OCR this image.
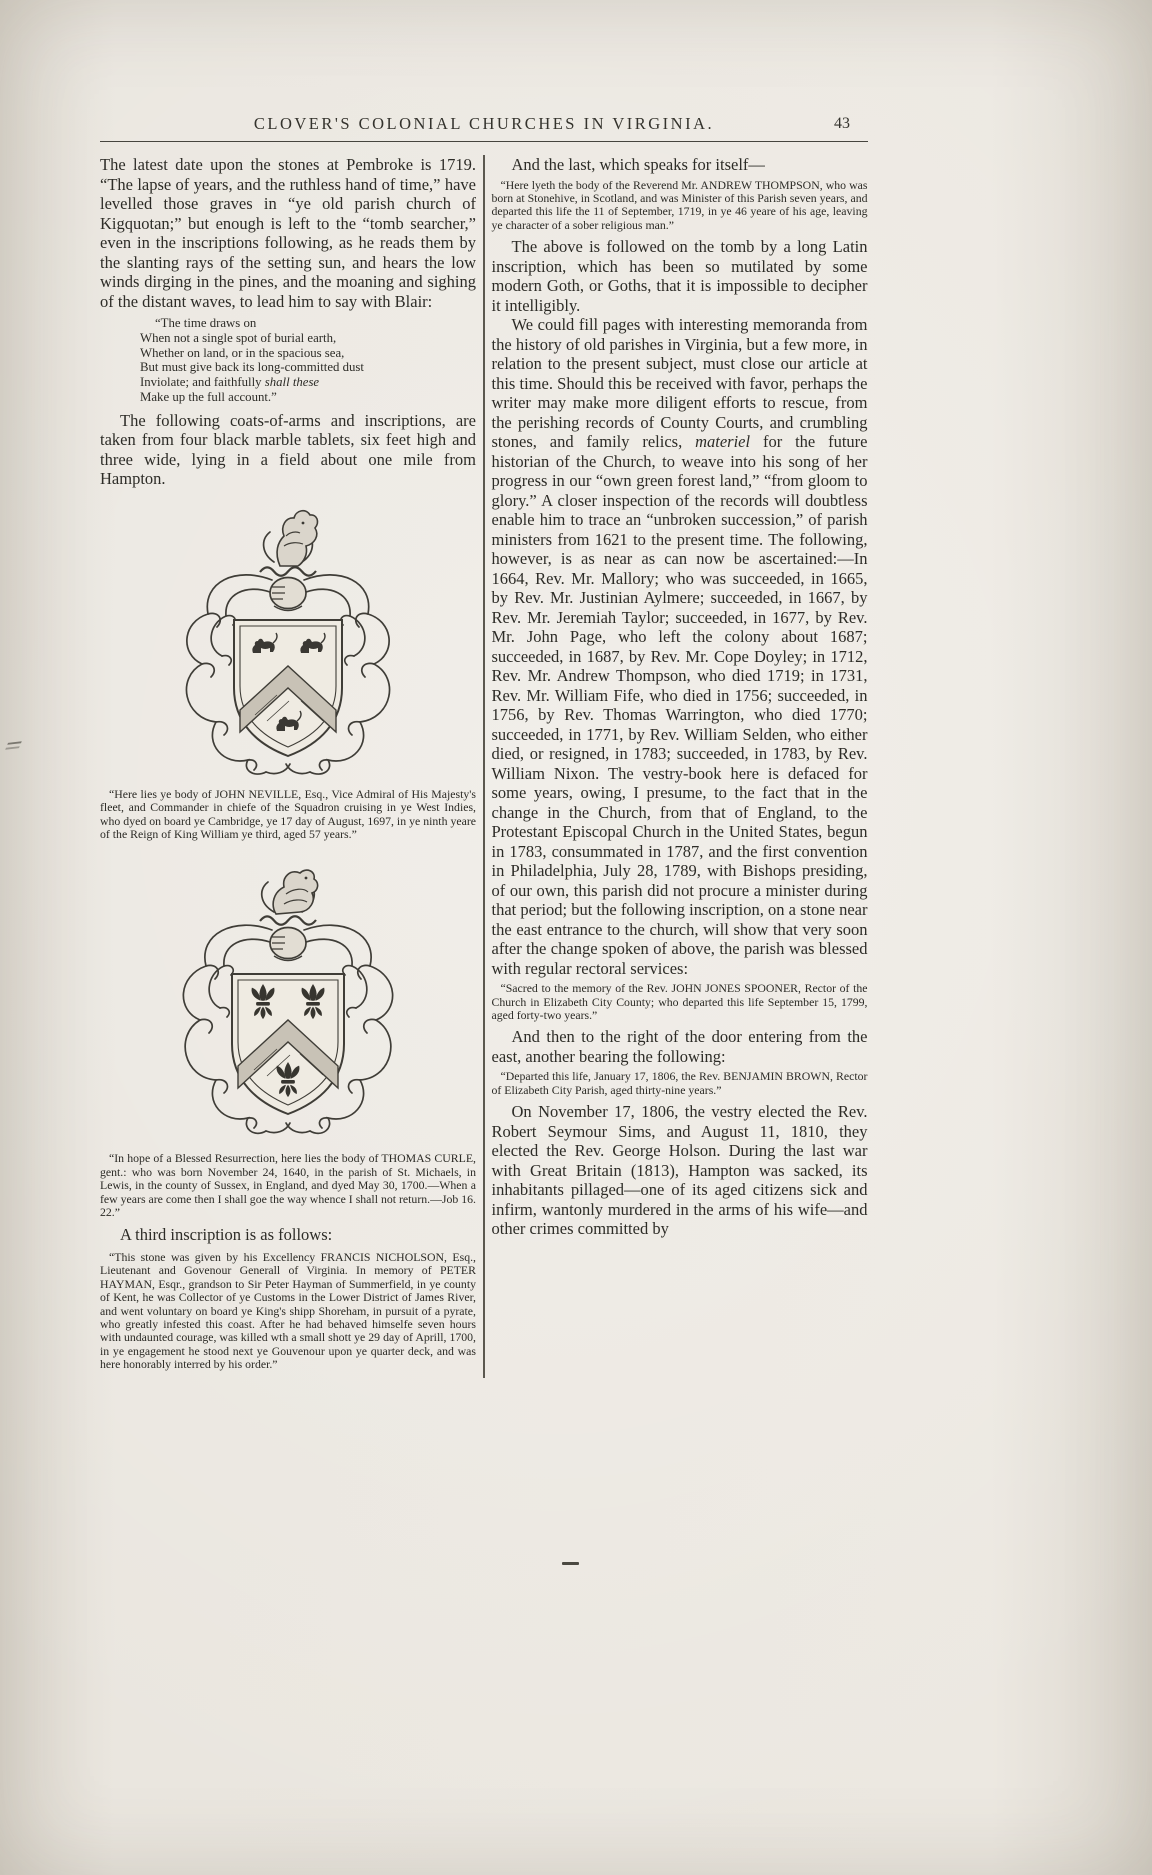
CLOVER'S COLONIAL CHURCHES IN VIRGINIA.	43

The latest date upon the stones at Pembroke is 1719. “The lapse of years, and the ruthless hand of time,” have levelled those graves in “ye old parish church of Kigquotan;” but enough is left to the “tomb searcher,” even in the inscriptions following, as he reads them by the slanting rays of the setting sun, and hears the low winds dirging in the pines, and the moaning and sighing of the distant waves, to lead him to say with Blair:

“The time draws on
When not a single spot of burial earth,
Whether on land, or in the spacious sea,
But must give back its long-committed dust
Inviolate; and faithfully shall these
Make up the full account.”

The following coats-of-arms and inscriptions, are taken from four black marble tablets, six feet high and three wide, lying in a field about one mile from Hampton.

“Here lies ye body of JOHN NEVILLE, Esq., Vice Admiral of His Majesty's fleet, and Commander in chiefe of the Squadron cruising in ye West Indies, who dyed on board ye Cambridge, ye 17 day of August, 1697, in ye ninth yeare of the Reign of King William ye third, aged 57 years.”

“In hope of a Blessed Resurrection, here lies the body of THOMAS CURLE, gent.: who was born November 24, 1640, in the parish of St. Michaels, in Lewis, in the county of Sussex, in England, and dyed May 30, 1700.—When a few years are come then I shall goe the way whence I shall not return.—Job 16. 22.”

A third inscription is as follows:

“This stone was given by his Excellency FRANCIS NICHOLSON, Esq., Lieutenant and Govenour Generall of Virginia. In memory of PETER HAYMAN, Esqr., grandson to Sir Peter Hayman of Summerfield, in ye county of Kent, he was Collector of ye Customs in the Lower District of James River, and went voluntary on board ye King's shipp Shoreham, in pursuit of a pyrate, who greatly infested this coast. After he had behaved himselfe seven hours with undaunted courage, was killed wth a small shott ye 29 day of Aprill, 1700, in ye engagement he stood next ye Gouvenour upon ye quarter deck, and was here honorably interred by his order.”

And the last, which speaks for itself—

“Here lyeth the body of the Reverend Mr. ANDREW THOMPSON, who was born at Stonehive, in Scotland, and was Minister of this Parish seven years, and departed this life the 11 of September, 1719, in ye 46 yeare of his age, leaving ye character of a sober religious man.”

The above is followed on the tomb by a long Latin inscription, which has been so mutilated by some modern Goth, or Goths, that it is impossible to decipher it intelligibly.

We could fill pages with interesting memoranda from the history of old parishes in Virginia, but a few more, in relation to the present subject, must close our article at this time. Should this be received with favor, perhaps the writer may make more diligent efforts to rescue, from the perishing records of County Courts, and crumbling stones, and family relics, materiel for the future historian of the Church, to weave into his song of her progress in our “own green forest land,” “from gloom to glory.” A closer inspection of the records will doubtless enable him to trace an “unbroken succession,” of parish ministers from 1621 to the present time. The following, however, is as near as can now be ascertained:—In 1664, Rev. Mr. Mallory; who was succeeded, in 1665, by Rev. Mr. Justinian Aylmere; succeeded, in 1667, by Rev. Mr. Jeremiah Taylor; succeeded, in 1677, by Rev. Mr. John Page, who left the colony about 1687; succeeded, in 1687, by Rev. Mr. Cope Doyley; in 1712, Rev. Mr. Andrew Thompson, who died 1719; in 1731, Rev. Mr. William Fife, who died in 1756; succeeded, in 1756, by Rev. Thomas Warrington, who died 1770; succeeded, in 1771, by Rev. William Selden, who either died, or resigned, in 1783; succeeded, in 1783, by Rev. William Nixon. The vestry-book here is defaced for some years, owing, I presume, to the fact that in the change in the Church, from that of England, to the Protestant Episcopal Church in the United States, begun in 1783, consummated in 1787, and the first convention in Philadelphia, July 28, 1789, with Bishops presiding, of our own, this parish did not procure a minister during that period; but the following inscription, on a stone near the east entrance to the church, will show that very soon after the change spoken of above, the parish was blessed with regular rectoral services:

“Sacred to the memory of the Rev. JOHN JONES SPOONER, Rector of the Church in Elizabeth City County; who departed this life September 15, 1799, aged forty-two years.”

And then to the right of the door entering from the east, another bearing the following:

“Departed this life, January 17, 1806, the Rev. BENJAMIN BROWN, Rector of Elizabeth City Parish, aged thirty-nine years.”

On November 17, 1806, the vestry elected the Rev. Robert Seymour Sims, and August 11, 1810, they elected the Rev. George Holson. During the last war with Great Britain (1813), Hampton was sacked, its inhabitants pillaged—one of its aged citizens sick and infirm, wantonly murdered in the arms of his wife—and other crimes committed by
